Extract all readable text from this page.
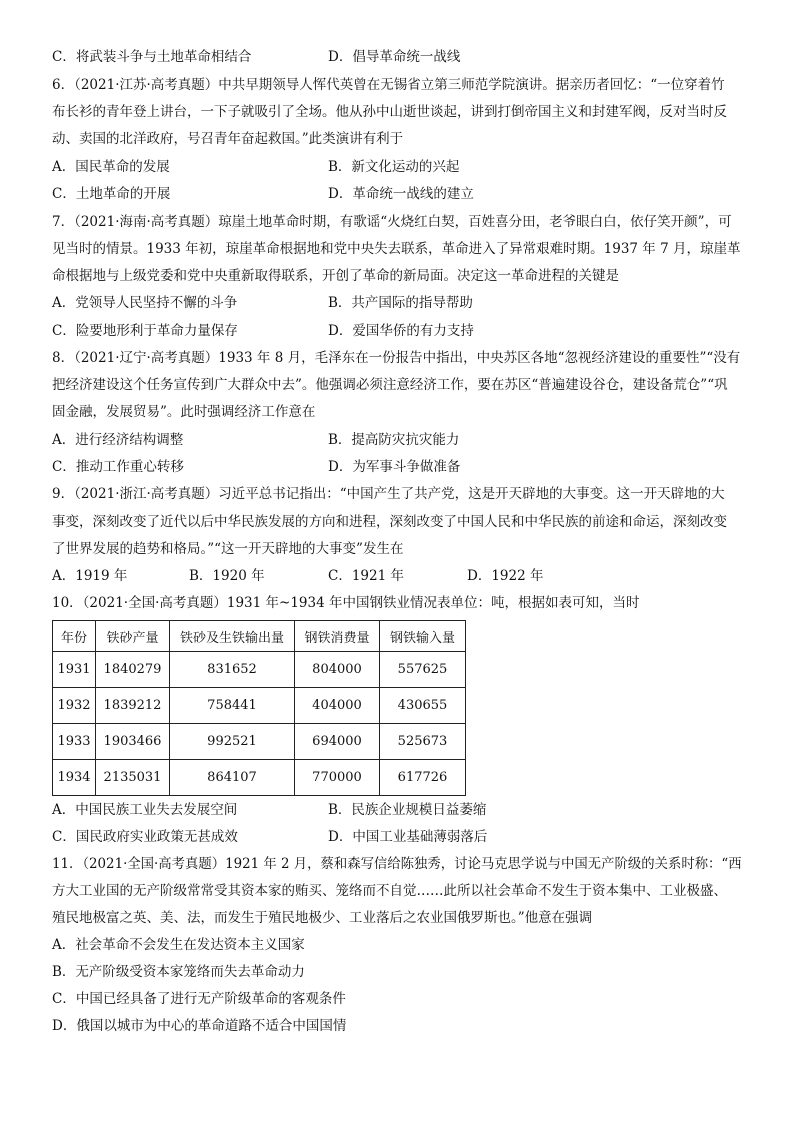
C．将武装斗争与土地革命相结合	D．倡导革命统一战线
6．（2021·江苏·高考真题）中共早期领导人恽代英曾在无锡省立第三师范学院演讲。据亲历者回忆：“一位穿着竹
布长衫的青年登上讲台，一下子就吸引了全场。他从孙中山逝世谈起，讲到打倒帝国主义和封建军阀，反对当时反
动、卖国的北洋政府，号召青年奋起救国。”此类演讲有利于
A．国民革命的发展	B．新文化运动的兴起
C．土地革命的开展	D．革命统一战线的建立
7．（2021·海南·高考真题）琼崖土地革命时期，有歌谣“火烧红白契，百姓喜分田，老爷眼白白，依仔笑开颜”，可
见当时的情景。1933 年初，琼崖革命根据地和党中央失去联系，革命进入了异常艰难时期。1937 年 7 月，琼崖革
命根据地与上级党委和党中央重新取得联系，开创了革命的新局面。决定这一革命进程的关键是
A．党领导人民坚持不懈的斗争	B．共产国际的指导帮助
C．险要地形利于革命力量保存	D．爱国华侨的有力支持
8．（2021·辽宁·高考真题）1933 年 8 月，毛泽东在一份报告中指出，中央苏区各地“忽视经济建设的重要性”“没有
把经济建设这个任务宣传到广大群众中去”。他强调必须注意经济工作，要在苏区“普遍建设谷仓，建设备荒仓”“巩
固金融，发展贸易”。此时强调经济工作意在
A．进行经济结构调整	B．提高防灾抗灾能力
C．推动工作重心转移	D．为军事斗争做准备
9．（2021·浙江·高考真题）习近平总书记指出：“中国产生了共产党，这是开天辟地的大事变。这一开天辟地的大
事变，深刻改变了近代以后中华民族发展的方向和进程，深刻改变了中国人民和中华民族的前途和命运，深刻改变
了世界发展的趋势和格局。”“这一开天辟地的大事变”发生在
A．1919 年	B．1920 年	C．1921 年	D．1922 年
10．（2021·全国·高考真题）1931 年~1934 年中国钢铁业情况表单位：吨，根据如表可知，当时
年份	铁砂产量	铁砂及生铁输出量	钢铁消费量	钢铁输入量
1931	1840279	831652	804000	557625
1932	1839212	758441	404000	430655
1933	1903466	992521	694000	525673
1934	2135031	864107	770000	617726
A．中国民族工业失去发展空间	B．民族企业规模日益萎缩
C．国民政府实业政策无甚成效	D．中国工业基础薄弱落后
11．（2021·全国·高考真题）1921 年 2 月，蔡和森写信给陈独秀，讨论马克思学说与中国无产阶级的关系时称：“西
方大工业国的无产阶级常常受其资本家的贿买、笼络而不自觉……此所以社会革命不发生于资本集中、工业极盛、
殖民地极富之英、美、法，而发生于殖民地极少、工业落后之农业国俄罗斯也。”他意在强调
A．社会革命不会发生在发达资本主义国家
B．无产阶级受资本家笼络而失去革命动力
C．中国已经具备了进行无产阶级革命的客观条件
D．俄国以城市为中心的革命道路不适合中国国情
